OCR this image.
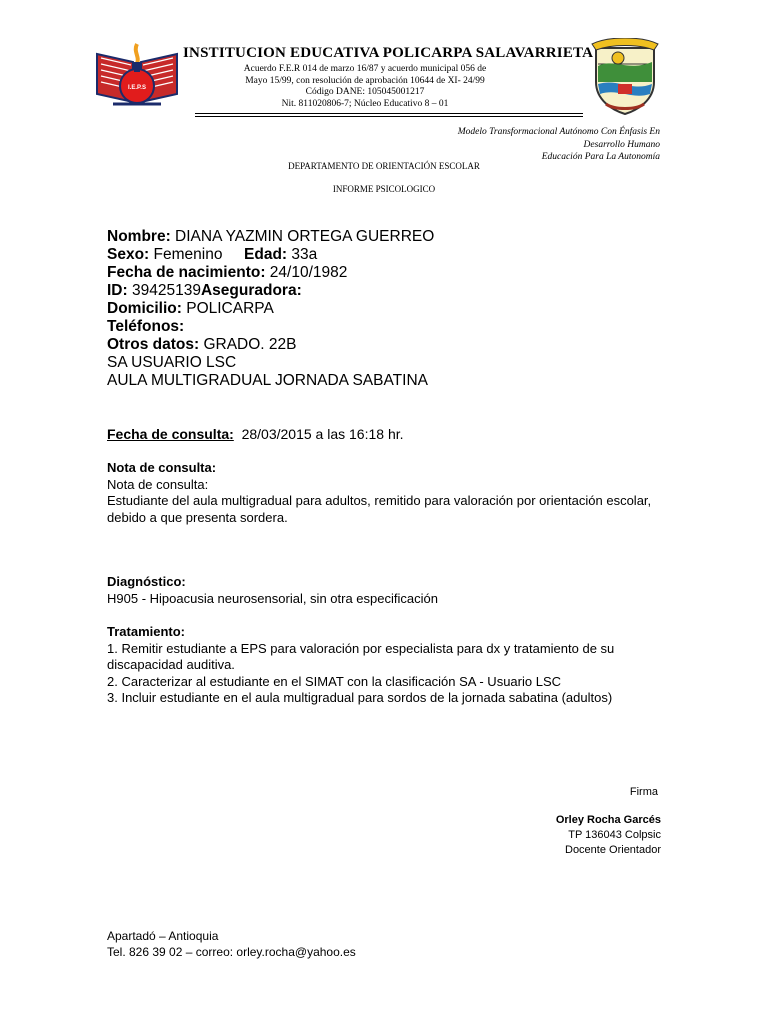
I.E.P.S
INSTITUCION EDUCATIVA POLICARPA SALAVARRIETA
Acuerdo F.E.R 014 de marzo 16/87 y acuerdo municipal 056 de
Mayo 15/99, con resolución de aprobación 10644 de XI- 24/99
Código DANE: 105045001217
Nit. 811020806-7; Núcleo Educativo 8 – 01
Modelo Transformacional Autónomo Con Énfasis En
Desarrollo Humano
Educación Para La Autonomía
DEPARTAMENTO DE ORIENTACIÓN ESCOLAR
INFORME PSICOLOGICO
Nombre: DIANA YAZMIN ORTEGA GUERREO
Sexo: Femenino Edad: 33a
Fecha de nacimiento: 24/10/1982
ID: 39425139Aseguradora:
Domicilio: POLICARPA
Teléfonos:
Otros datos: GRADO. 22B
SA USUARIO LSC
AULA MULTIGRADUAL JORNADA SABATINA
Fecha de consulta: 28/03/2015 a las 16:18 hr.

Nota de consulta:

Nota de consulta:

Estudiante del aula multigradual para adultos, remitido para valoración por orientación escolar, debido a que presenta sordera.

Diagnóstico:

H905 - Hipoacusia neurosensorial, sin otra especificación

Tratamiento:

1. Remitir estudiante a EPS para valoración por especialista para dx y tratamiento de su discapacidad auditiva.

2. Caracterizar al estudiante en el SIMAT con la clasificación SA - Usuario LSC

3. Incluir estudiante en el aula multigradual para sordos de la jornada sabatina (adultos)

Firma
Orley Rocha Garcés
TP 136043 Colpsic
Docente Orientador
Apartadó – Antioquia
Tel. 826 39 02 – correo: orley.rocha@yahoo.es
